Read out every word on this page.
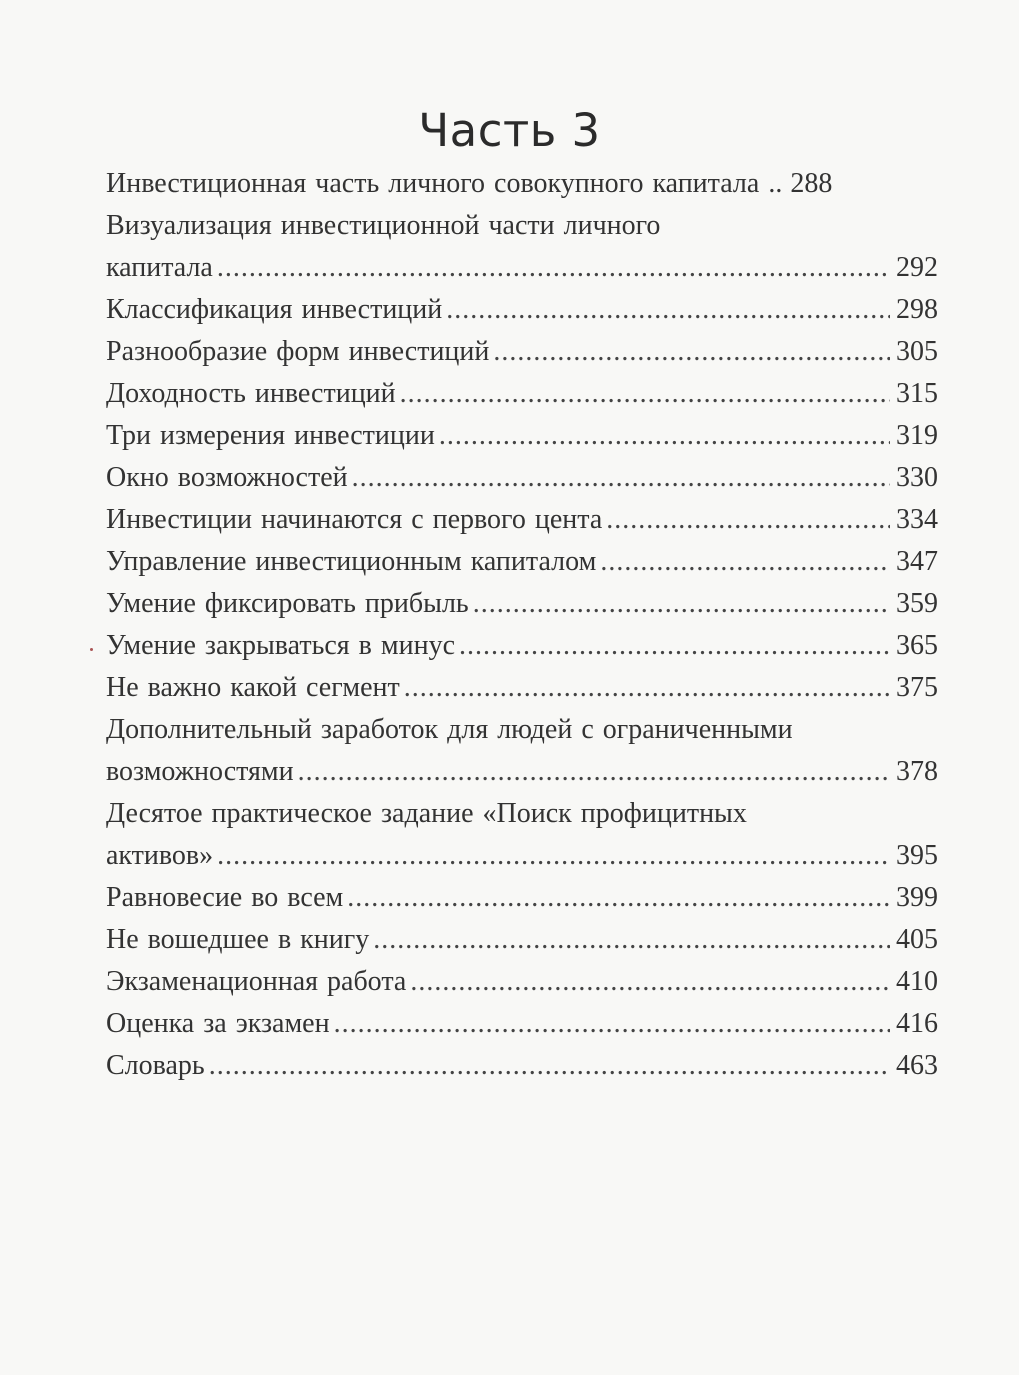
Часть 3
Инвестиционная часть личного совокупного капитала .. 288
Визуализация инвестиционной части личного
капитала .....	292
Классификация инвестиций .....	298
Разнообразие форм инвестиций .....	305
Доходность инвестиций .....	315
Три измерения инвестиции .....	319
Окно возможностей .....	330
Инвестиции начинаются с первого цента .....	334
Управление инвестиционным капиталом .....	347
Умение фиксировать прибыль .....	359
Умение закрываться в минус .....	365
Не важно какой сегмент .....	375
Дополнительный заработок для людей с ограниченными
возможностями .....	378
Десятое практическое задание «Поиск профицитных
активов» .....	395
Равновесие во всем .....	399
Не вошедшее в книгу .....	405
Экзаменационная работа .....	410
Оценка за экзамен .....	416
Словарь .....	463
